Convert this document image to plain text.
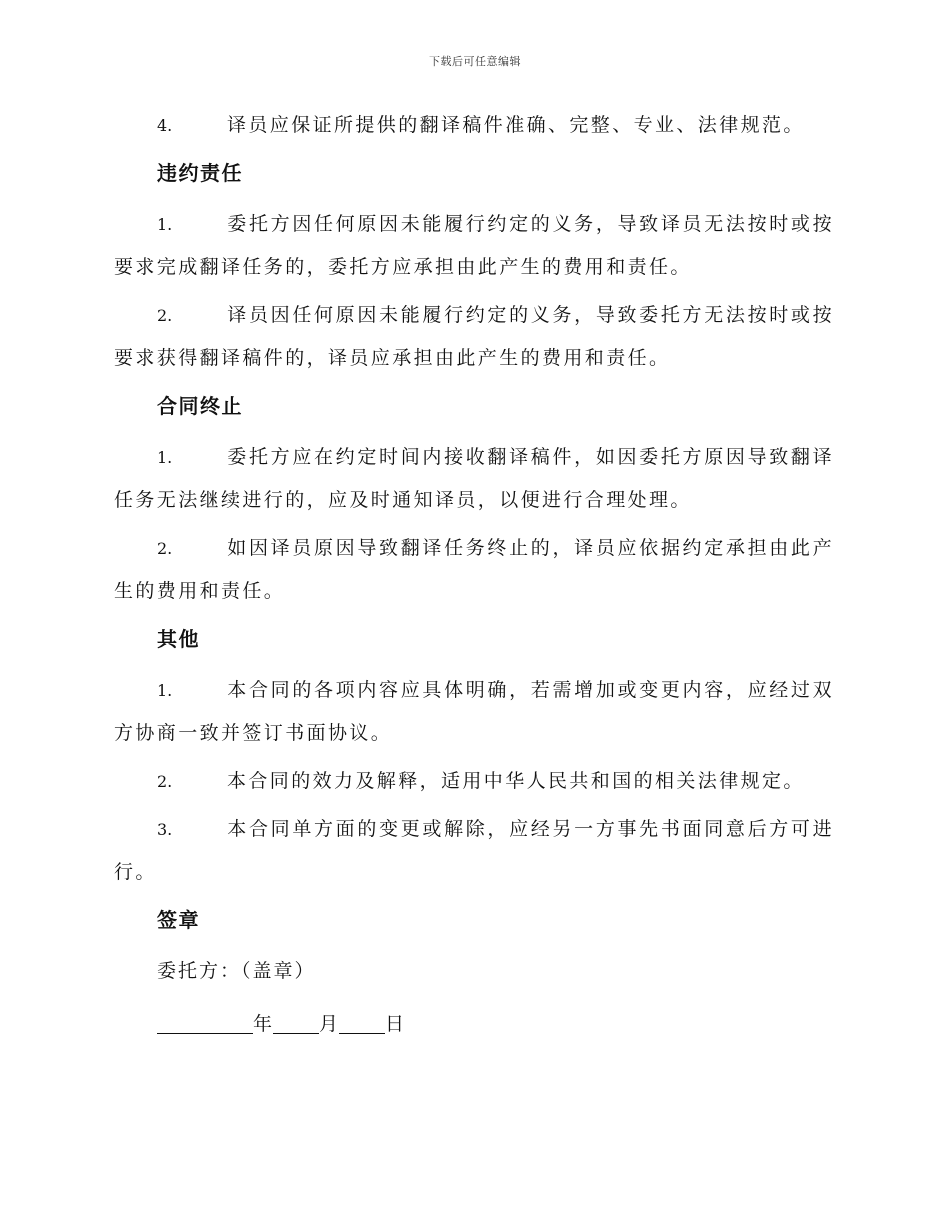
下载后可任意编辑

4.	译员应保证所提供的翻译稿件准确、完整、专业、法律规范。

违约责任

1.	委托方因任何原因未能履行约定的义务，导致译员无法按时或按要求完成翻译任务的，委托方应承担由此产生的费用和责任。

2.	译员因任何原因未能履行约定的义务，导致委托方无法按时或按要求获得翻译稿件的，译员应承担由此产生的费用和责任。

合同终止

1.	委托方应在约定时间内接收翻译稿件，如因委托方原因导致翻译任务无法继续进行的，应及时通知译员，以便进行合理处理。

2.	如因译员原因导致翻译任务终止的，译员应依据约定承担由此产生的费用和责任。

其他

1.	本合同的各项内容应具体明确，若需增加或变更内容，应经过双方协商一致并签订书面协议。

2.	本合同的效力及解释，适用中华人民共和国的相关法律规定。

3.	本合同单方面的变更或解除，应经另一方事先书面同意后方可进行。

签章
委托方：（盖章）
年 月 日
